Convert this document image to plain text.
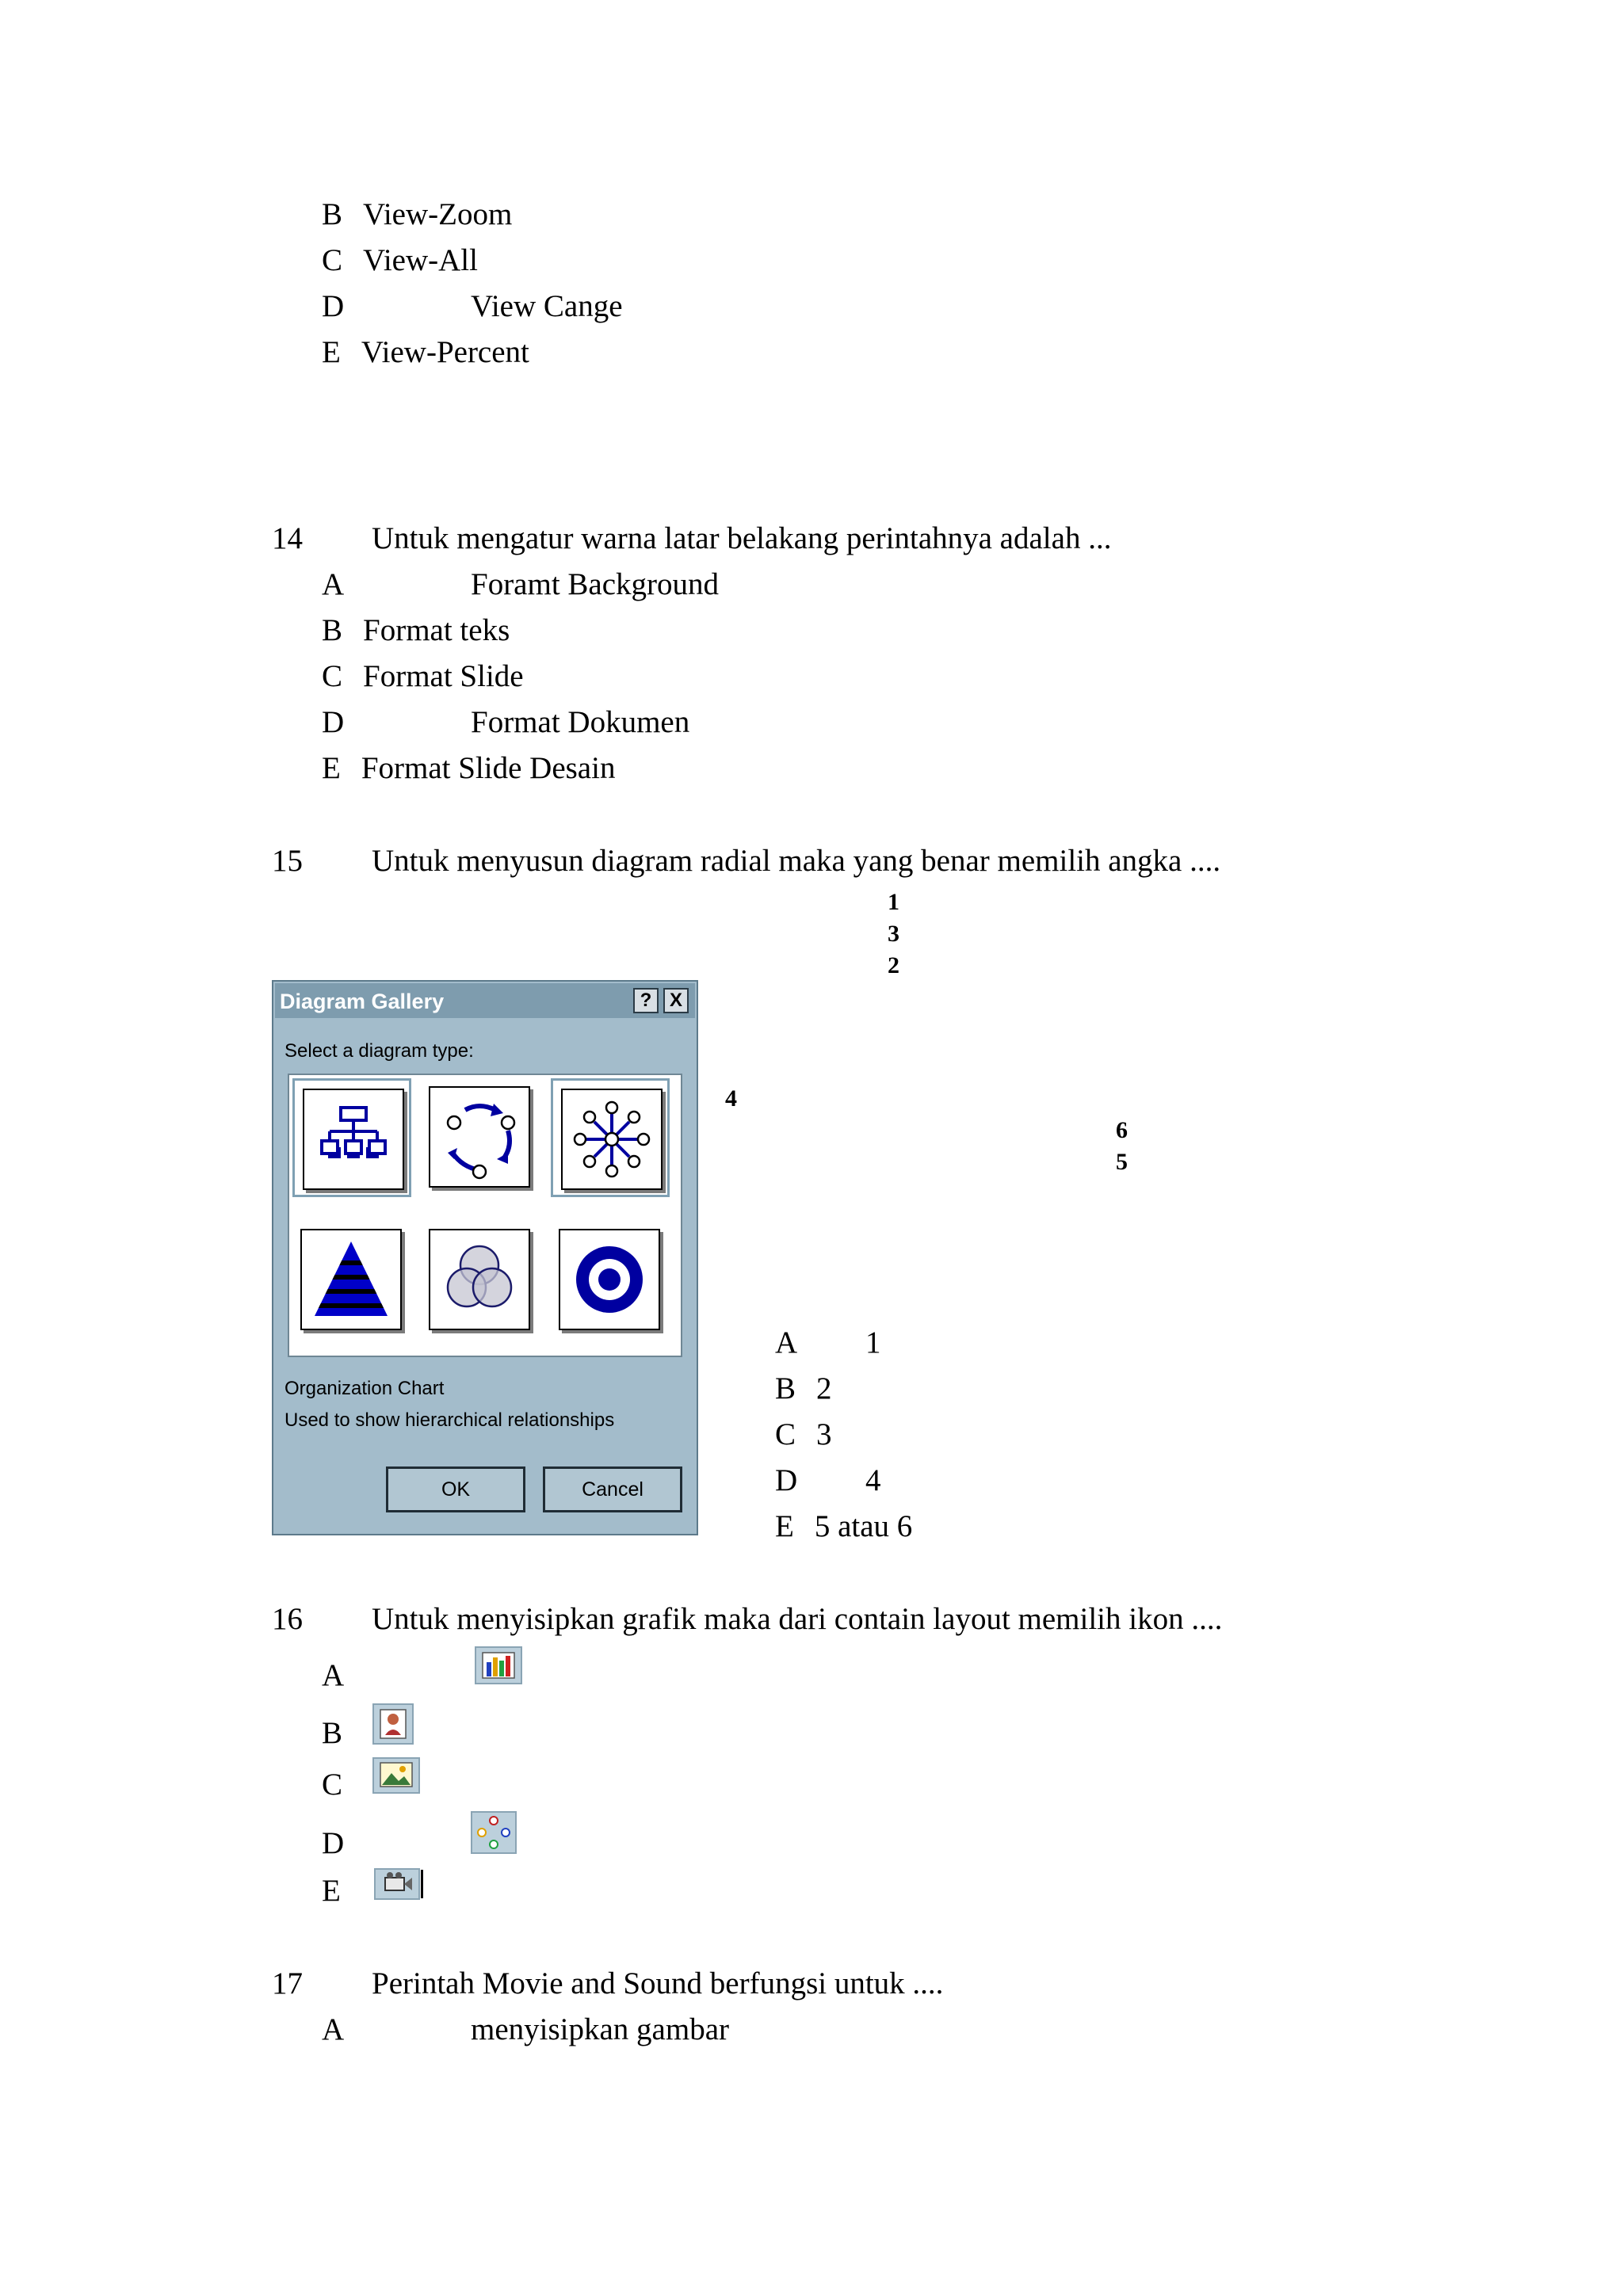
B View-Zoom
C View-All
D	View Cange
E View-Percent
14 Untuk mengatur warna latar belakang perintahnya adalah ...
A	Foramt Background
B Format teks
C Format Slide
D	Format Dokumen
E Format Slide Desain
15 Untuk menyusun diagram radial maka yang benar memilih angka ....
1
3
2
4
6
5
Diagram Gallery	? X
Select a diagram type:
Organization Chart
Used to show hierarchical relationships
OK	Cancel
A 1
B 2
C 3
D 4
E 5 atau 6
16 Untuk menyisipkan grafik maka dari contain layout memilih ikon ....
A
B
C
D
E
17 Perintah Movie and Sound berfungsi untuk ....
A	menyisipkan gambar
